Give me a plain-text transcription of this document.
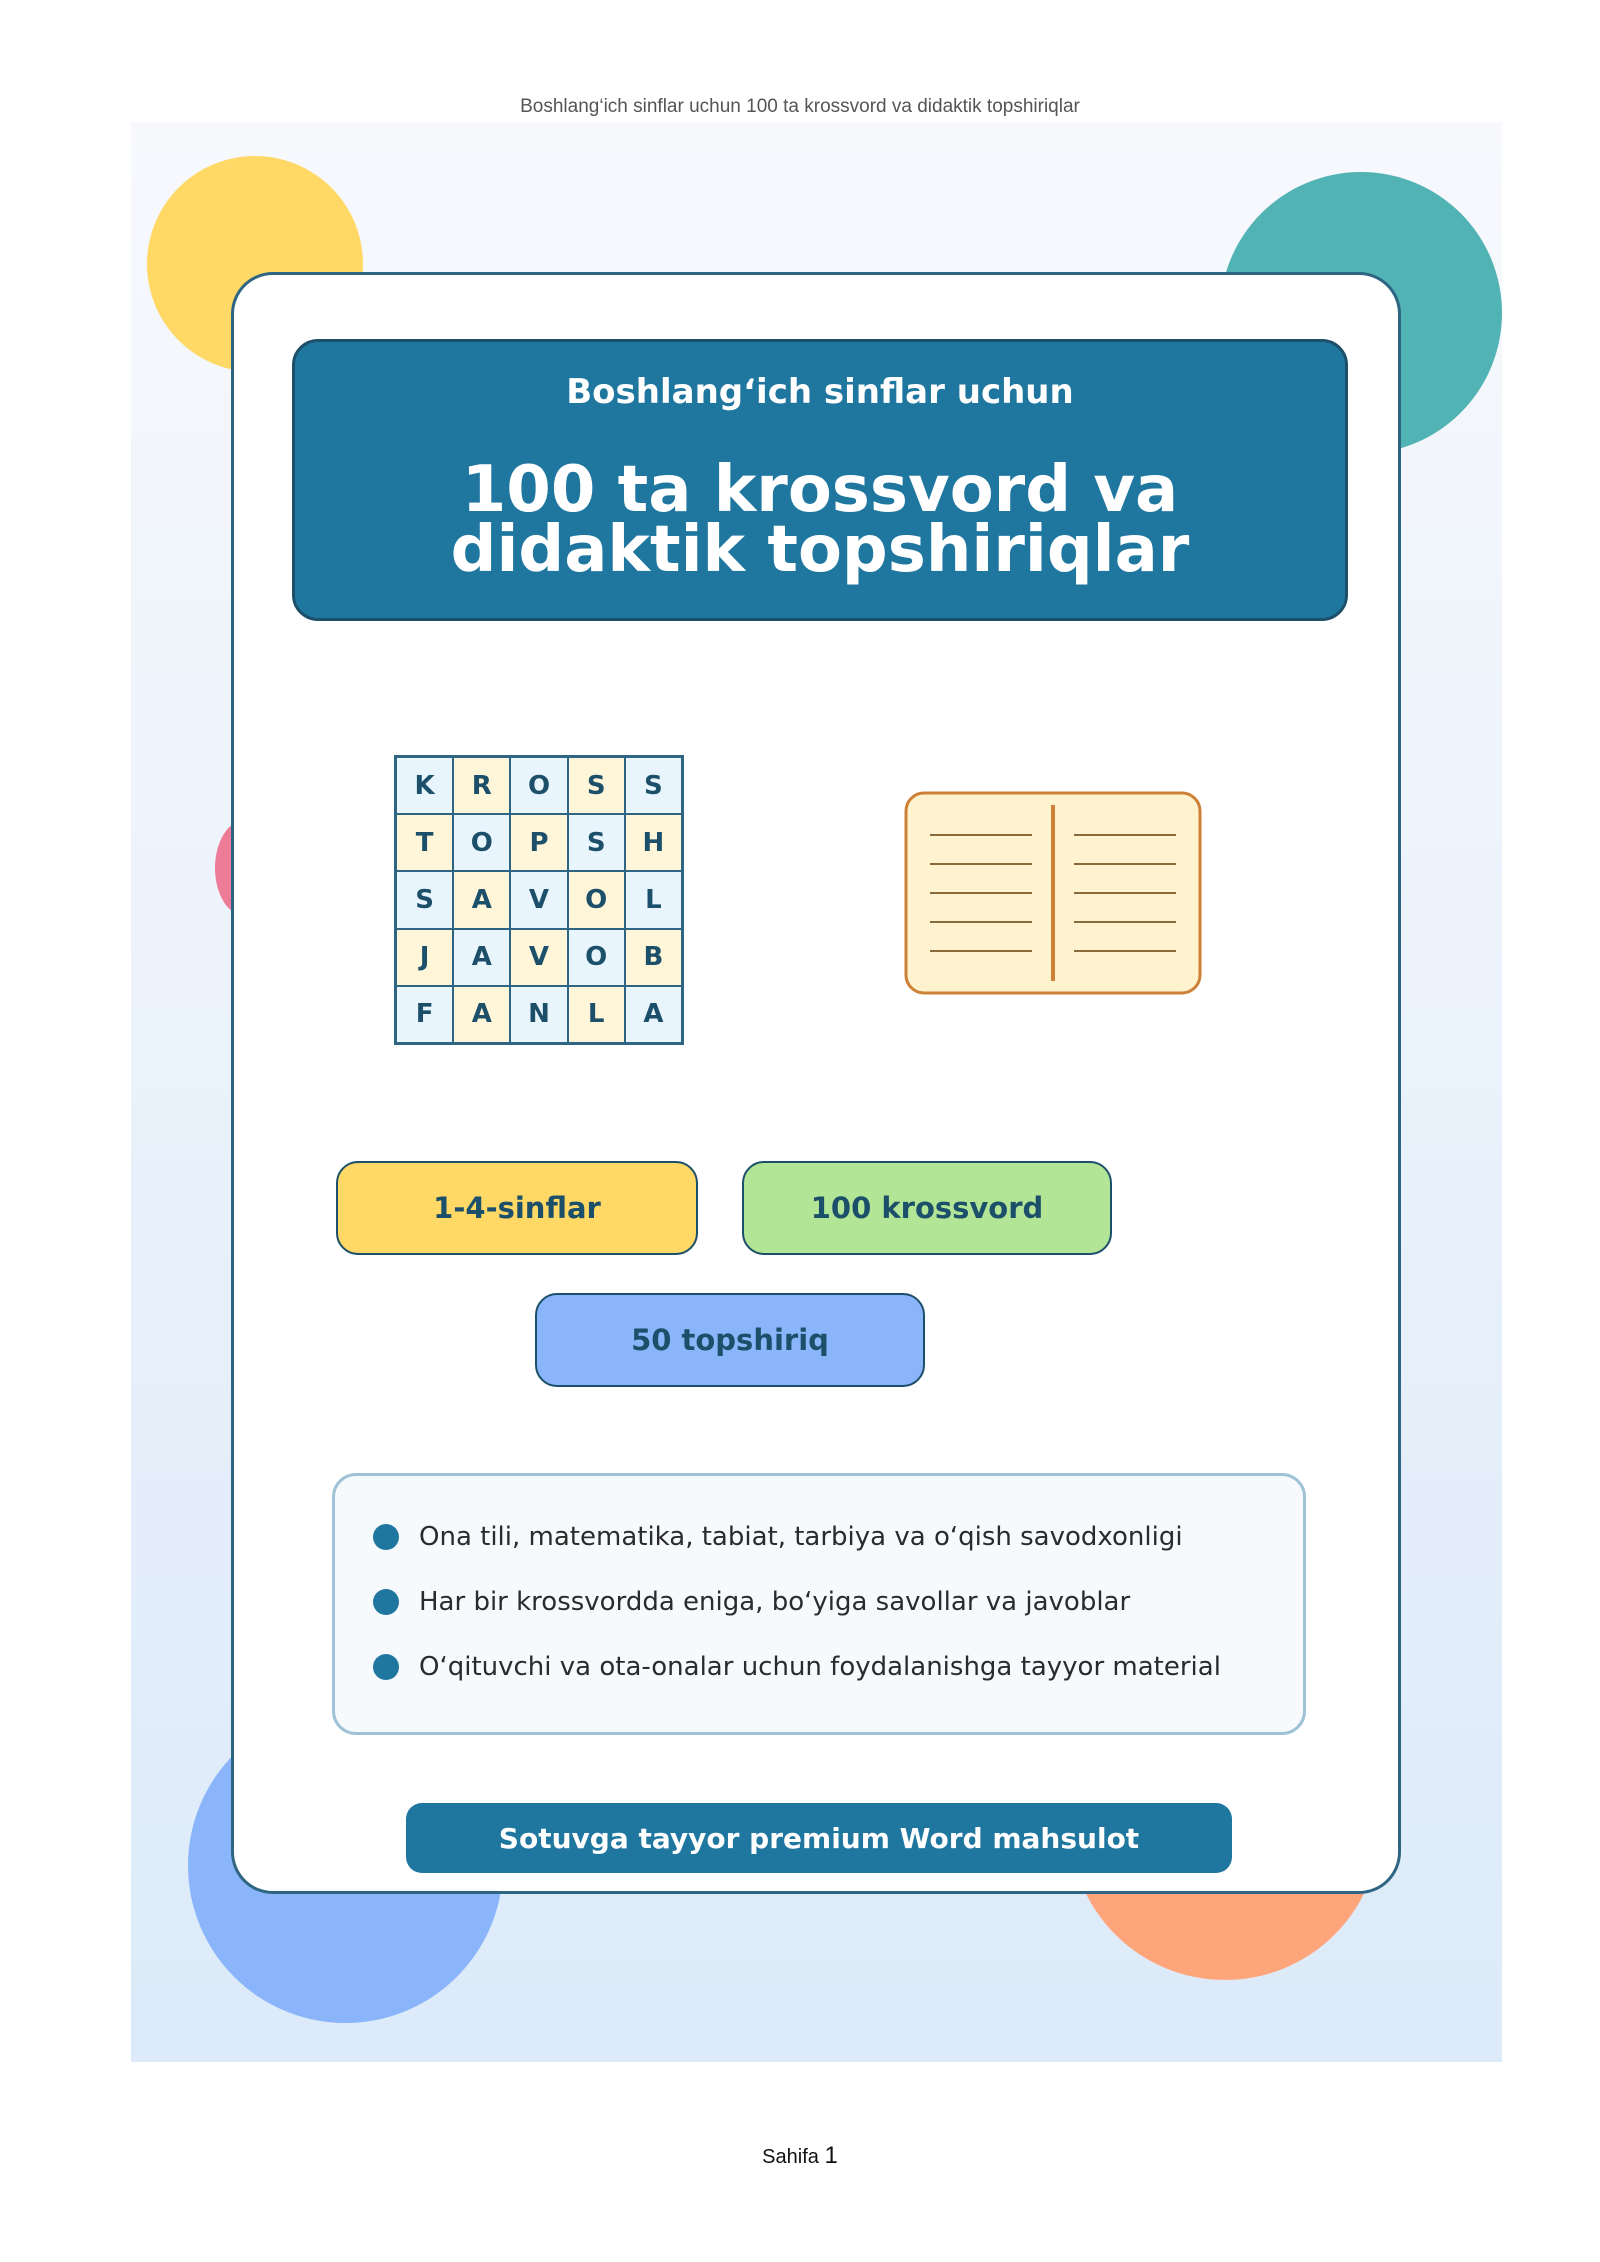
Boshlang‘ich sinflar uchun 100 ta krossvord va didaktik topshiriqlar
Boshlang‘ich sinflar uchun
100 ta krossvord va
didaktik topshiriqlar
K	R	O	S	S
T	O	P	S	H
S	A	V	O	L
J	A	V	O	B
F	A	N	L	A
1-4-sinflar	100 krossvord
50 topshiriq
Ona tili, matematika, tabiat, tarbiya va o‘qish savodxonligi
Har bir krossvordda eniga, bo‘yiga savollar va javoblar
O‘qituvchi va ota-onalar uchun foydalanishga tayyor material
Sotuvga tayyor premium Word mahsulot
Sahifa 1
